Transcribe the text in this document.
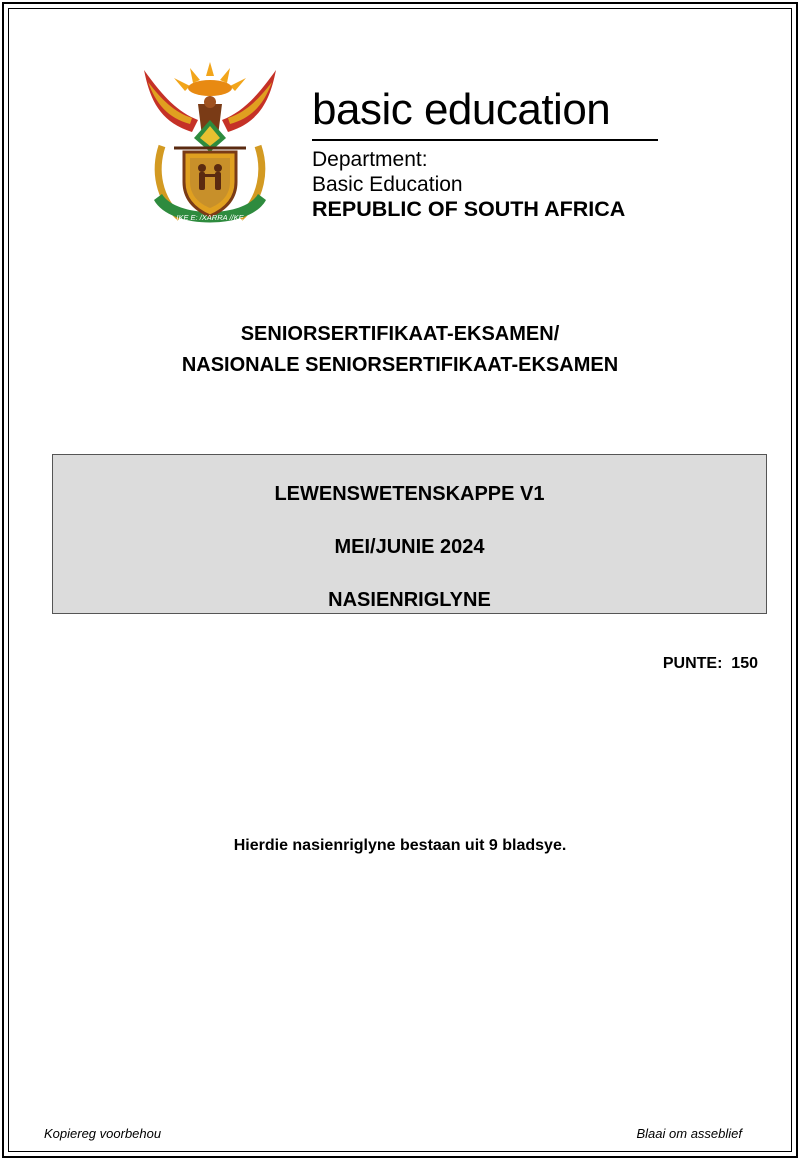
IKE E: /XARRA //KE
basic education
Department:
Basic Education
REPUBLIC OF SOUTH AFRICA
SENIORSERTIFIKAAT-EKSAMEN/
NASIONALE SENIORSERTIFIKAAT-EKSAMEN
LEWENSWETENSKAPPE V1
MEI/JUNIE 2024
NASIENRIGLYNE
PUNTE:  150
Hierdie nasienriglyne bestaan uit 9 bladsye.
Kopiereg voorbehou	Blaai om asseblief
